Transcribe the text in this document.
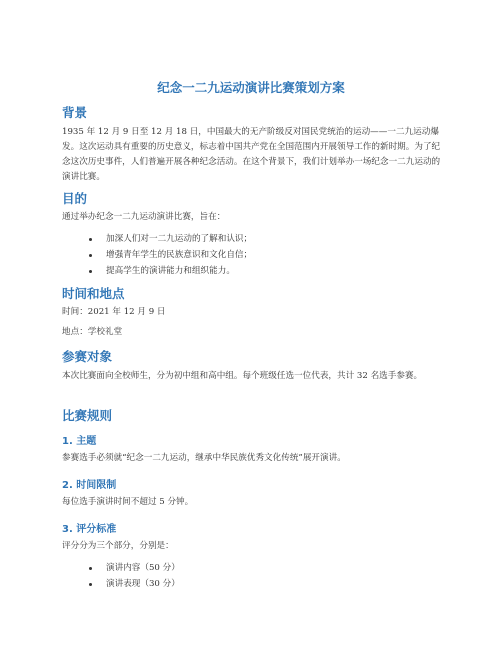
纪念一二九运动演讲比赛策划方案
背景
1935 年 12 月 9 日至 12 月 18 日，中国最大的无产阶级反对国民党统治的运动——一二九运动爆发。这次运动具有重要的历史意义，标志着中国共产党在全国范围内开展领导工作的新时期。为了纪念这次历史事件，人们普遍开展各种纪念活动。在这个背景下，我们计划举办一场纪念一二九运动的演讲比赛。
目的
通过举办纪念一二九运动演讲比赛，旨在：
加深人们对一二九运动的了解和认识；
增强青年学生的民族意识和文化自信；
提高学生的演讲能力和组织能力。
时间和地点
时间：2021 年 12 月 9 日
地点：学校礼堂
参赛对象
本次比赛面向全校师生，分为初中组和高中组。每个班级任选一位代表，共计 32 名选手参赛。
比赛规则
1. 主题
参赛选手必须就“纪念一二九运动，继承中华民族优秀文化传统”展开演讲。
2. 时间限制
每位选手演讲时间不超过 5 分钟。
3. 评分标准
评分分为三个部分，分别是：
演讲内容（50 分）
演讲表现（30 分）
